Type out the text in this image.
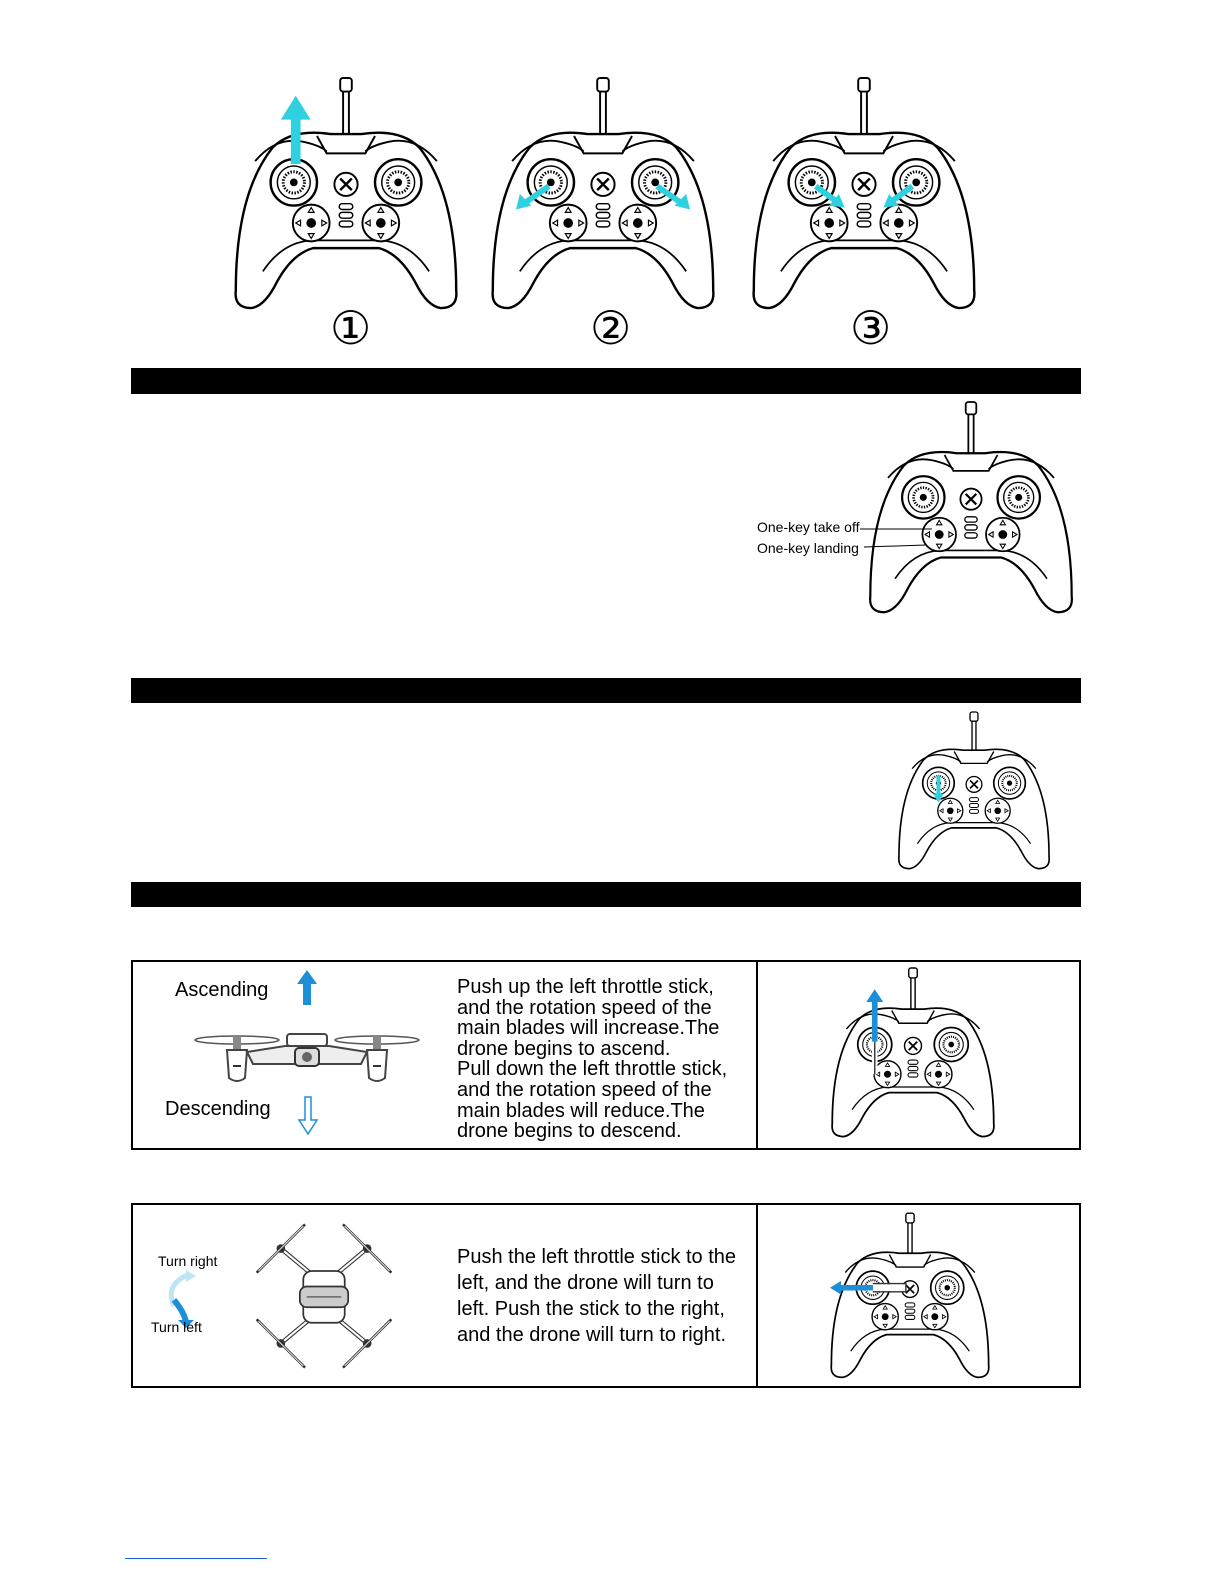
①	②	③
One-key take off
One-key landing
Ascending
Descending
Push up the left throttle stick,
and the rotation speed of the
main blades will increase.The
drone begins to ascend.
Pull down the left throttle stick,
and the rotation speed of the
main blades will reduce.The
drone begins to descend.
Turn right
Turn left
Push the left throttle stick to the
left, and the drone will turn to
left. Push the stick to the right,
and the drone will turn to right.
